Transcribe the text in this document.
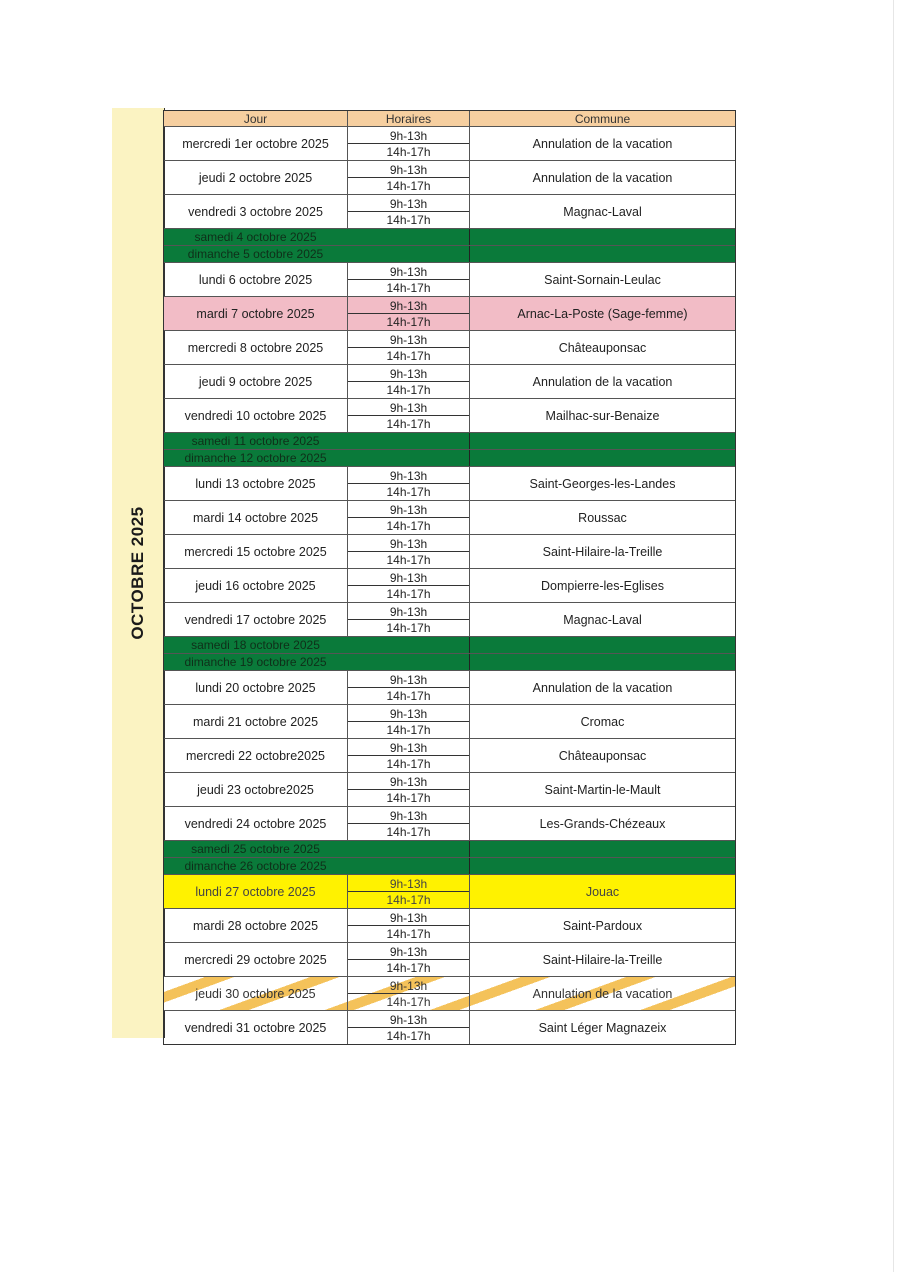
OCTOBRE 2025
Jour	Horaires	Commune
mercredi 1er octobre 2025
9h-13h
14h-17h
Annulation de la vacation
jeudi 2 octobre 2025
9h-13h
14h-17h
Annulation de la vacation
vendredi 3 octobre 2025
9h-13h
14h-17h
Magnac-Laval
samedi 4 octobre 2025
dimanche 5 octobre 2025
lundi 6 octobre 2025
9h-13h
14h-17h
Saint-Sornain-Leulac
mardi 7 octobre 2025
9h-13h
14h-17h
Arnac-La-Poste (Sage-femme)
mercredi 8 octobre 2025
9h-13h
14h-17h
Châteauponsac
jeudi 9 octobre 2025
9h-13h
14h-17h
Annulation de la vacation
vendredi 10 octobre 2025
9h-13h
14h-17h
Mailhac-sur-Benaize
samedi 11 octobre 2025
dimanche 12 octobre 2025
lundi 13 octobre 2025
9h-13h
14h-17h
Saint-Georges-les-Landes
mardi 14 octobre 2025
9h-13h
14h-17h
Roussac
mercredi 15 octobre 2025
9h-13h
14h-17h
Saint-Hilaire-la-Treille
jeudi 16 octobre 2025
9h-13h
14h-17h
Dompierre-les-Eglises
vendredi 17 octobre 2025
9h-13h
14h-17h
Magnac-Laval
samedi 18 octobre 2025
dimanche 19 octobre 2025
lundi 20 octobre 2025
9h-13h
14h-17h
Annulation de la vacation
mardi 21 octobre 2025
9h-13h
14h-17h
Cromac
mercredi 22 octobre2025
9h-13h
14h-17h
Châteauponsac
jeudi 23 octobre2025
9h-13h
14h-17h
Saint-Martin-le-Mault
vendredi 24 octobre 2025
9h-13h
14h-17h
Les-Grands-Chézeaux
samedi 25 octobre 2025
dimanche 26 octobre 2025
lundi 27 octobre 2025
9h-13h
14h-17h
Jouac
mardi 28 octobre 2025
9h-13h
14h-17h
Saint-Pardoux
mercredi 29 octobre 2025
9h-13h
14h-17h
Saint-Hilaire-la-Treille
jeudi 30 octobre 2025
9h-13h
14h-17h
Annulation de la vacation
vendredi 31 octobre 2025
9h-13h
14h-17h
Saint Léger Magnazeix
